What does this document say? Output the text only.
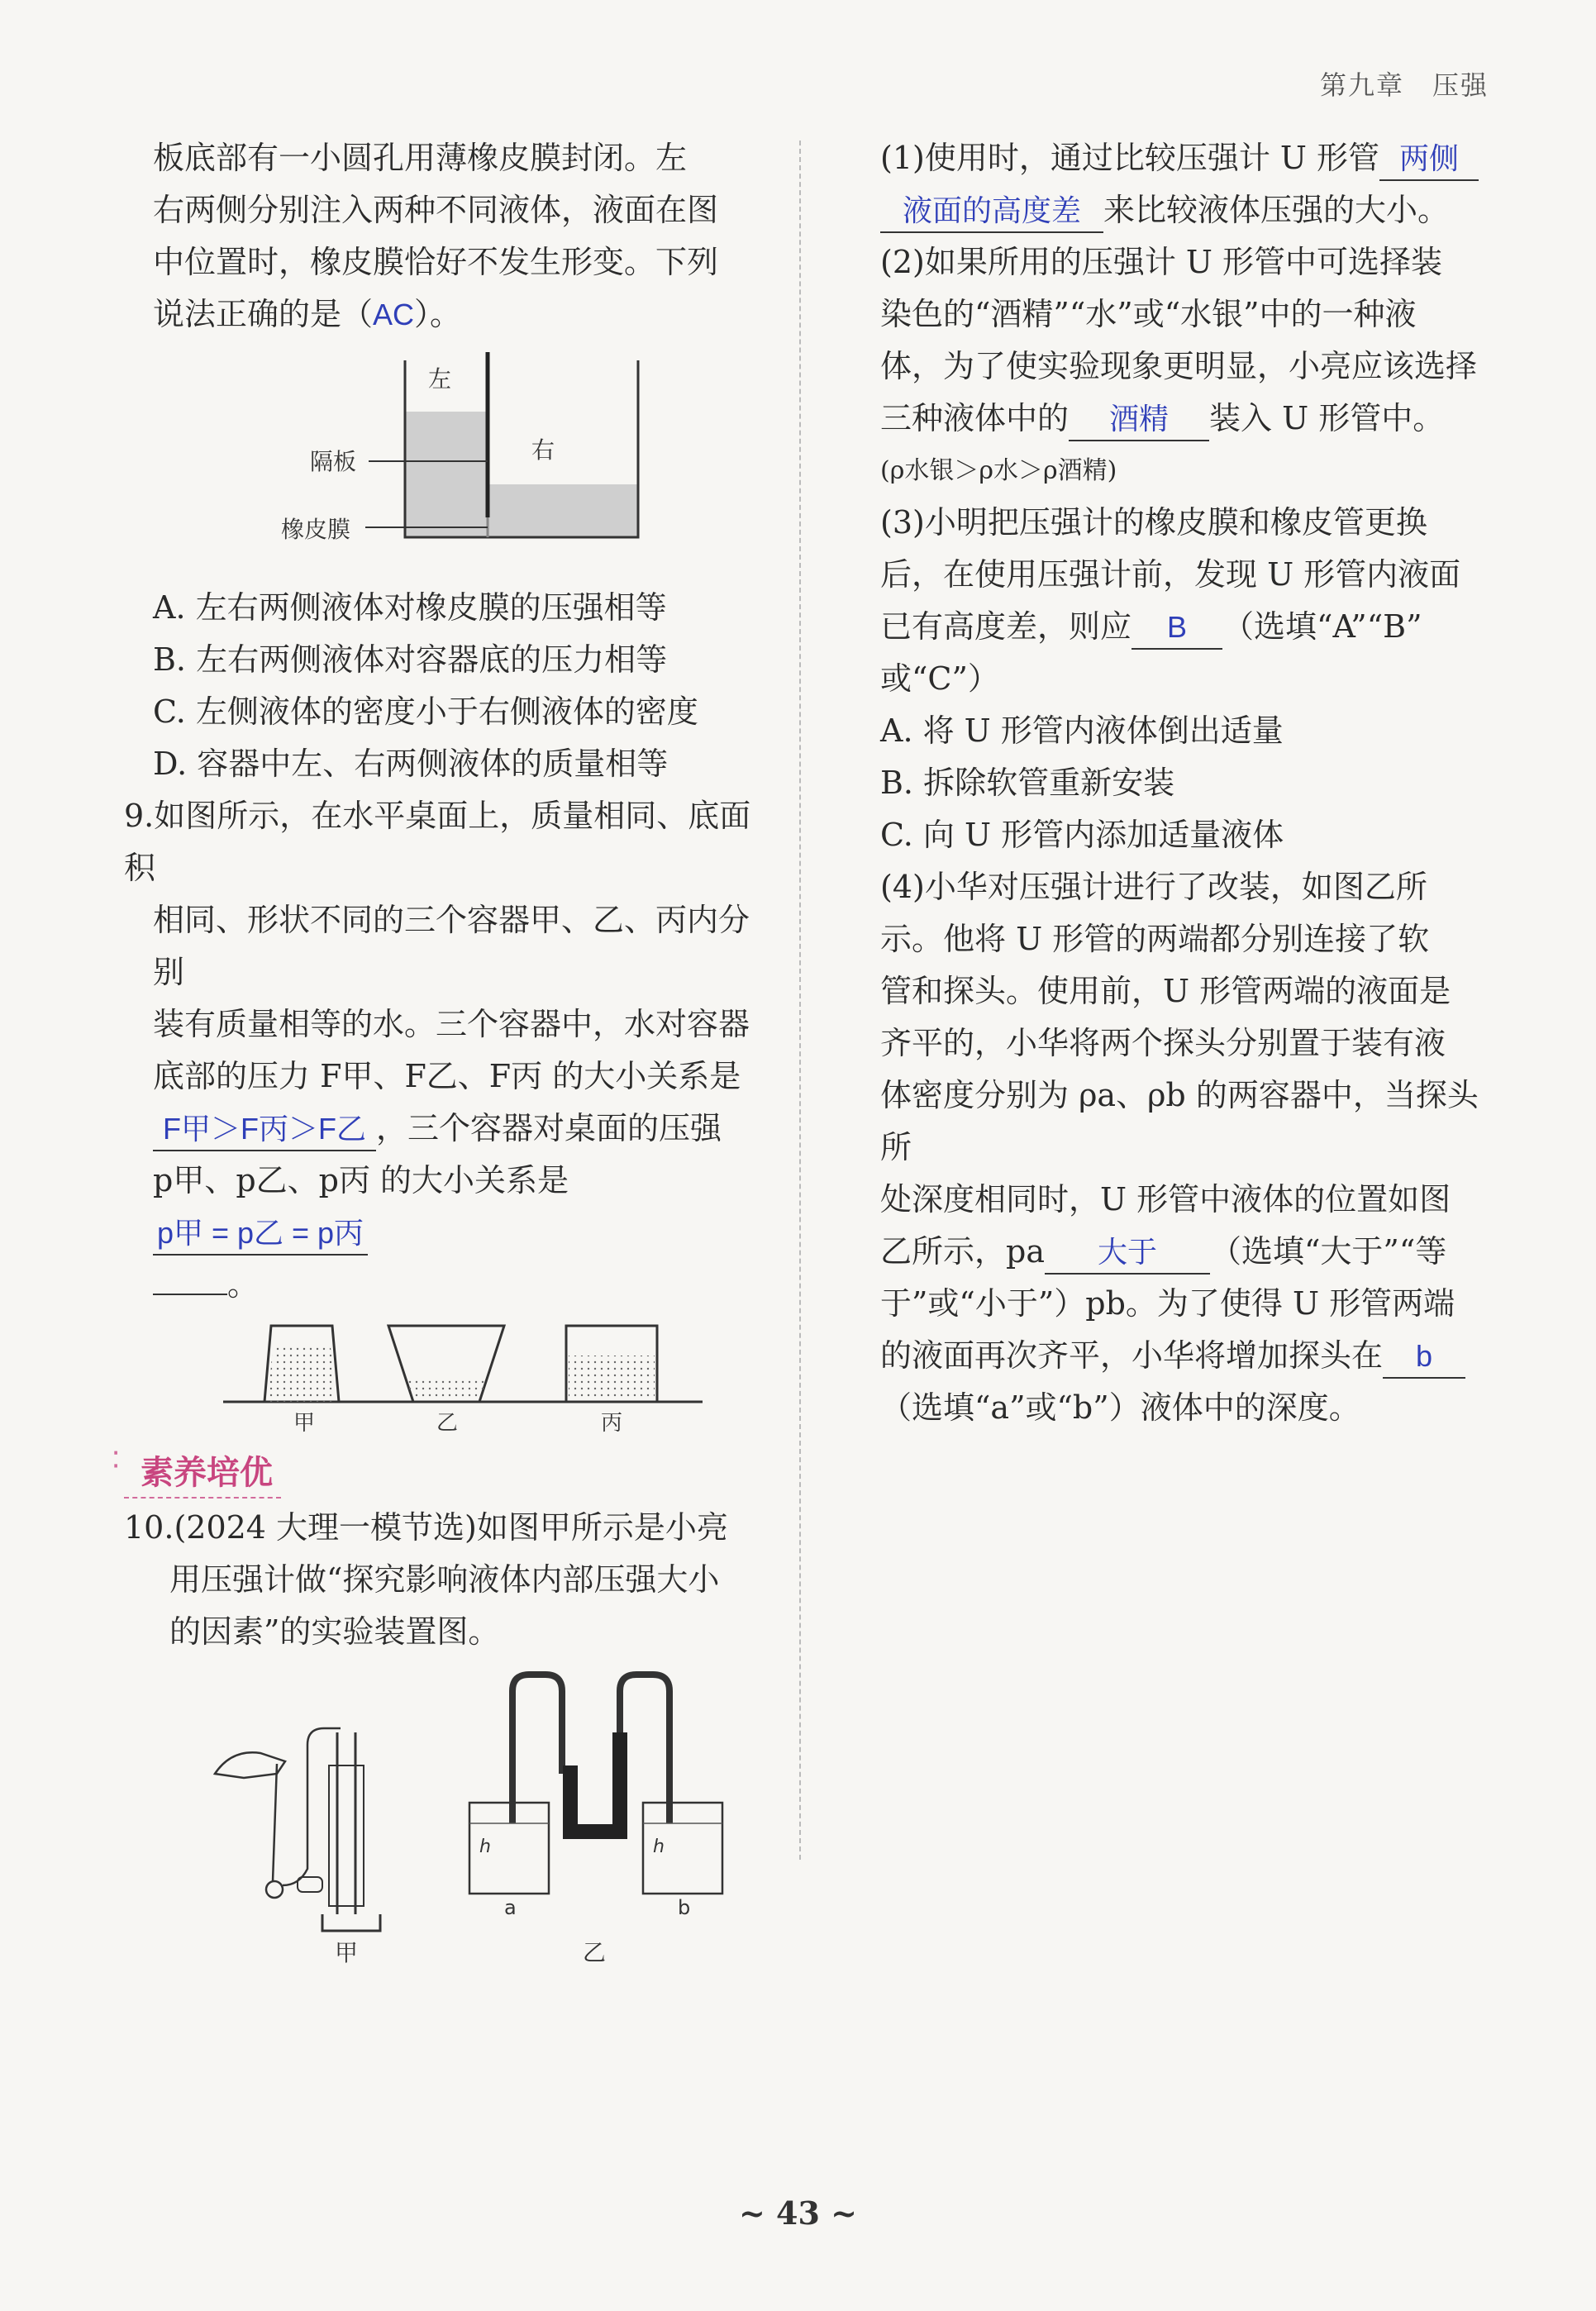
第九章　压强

板底部有一小圆孔用薄橡皮膜封闭。左

右两侧分别注入两种不同液体，液面在图

中位置时，橡皮膜恰好不发生形变。下列

说法正确的是（AC）。

左
右
隔板
橡皮膜

A. 左右两侧液体对橡皮膜的压强相等

B. 左右两侧液体对容器底的压力相等

C. 左侧液体的密度小于右侧液体的密度

D. 容器中左、右两侧液体的质量相等

9.如图所示，在水平桌面上，质量相同、底面积

相同、形状不同的三个容器甲、乙、丙内分别

装有质量相等的水。三个容器中，水对容器

底部的压力 F甲、F乙、F丙 的大小关系是

F甲＞F丙＞F乙 ，三个容器对桌面的压强

p甲、p乙、p丙 的大小关系是p甲 = p乙 = p丙

。

甲	乙	丙
⁚ 素养培优

10.(2024 大理一模节选)如图甲所示是小亮

用压强计做“探究影响液体内部压强大小

的因素”的实验装置图。

甲
h	h
a	b
乙

(1)使用时，通过比较压强计 U 形管 两侧

液面的高度差 来比较液体压强的大小。

(2)如果所用的压强计 U 形管中可选择装

染色的“酒精”“水”或“水银”中的一种液

体，为了使实验现象更明显，小亮应该选择

三种液体中的 酒精 装入 U 形管中。

(ρ水银＞ρ水＞ρ酒精)

(3)小明把压强计的橡皮膜和橡皮管更换

后，在使用压强计前，发现 U 形管内液面

已有高度差，则应 B （选填“A”“B”

或“C”）

A. 将 U 形管内液体倒出适量

B. 拆除软管重新安装

C. 向 U 形管内添加适量液体

(4)小华对压强计进行了改装，如图乙所

示。他将 U 形管的两端都分别连接了软

管和探头。使用前，U 形管两端的液面是

齐平的，小华将两个探头分别置于装有液

体密度分别为 ρa、ρb 的两容器中，当探头所

处深度相同时，U 形管中液体的位置如图

乙所示，pa 大于 （选填“大于”“等

于”或“小于”）pb。为了使得 U 形管两端

的液面再次齐平，小华将增加探头在 b

（选填“a”或“b”）液体中的深度。

~ 43 ~
